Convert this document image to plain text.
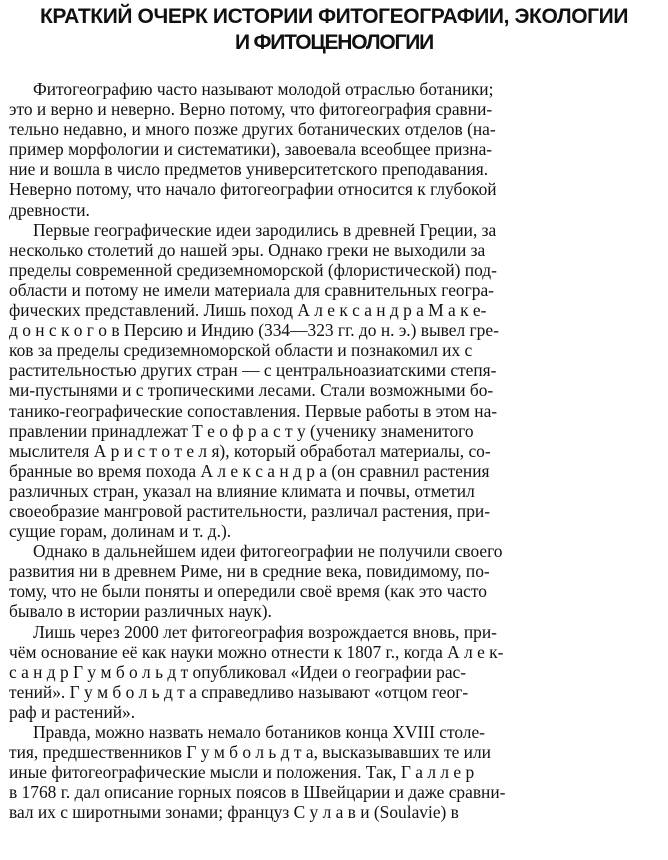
КРАТКИЙ ОЧЕРК ИСТОРИИ ФИТОГЕОГРАФИИ, ЭКОЛОГИИ
И ФИТОЦЕНОЛОГИИ
Фитогеографию часто называют молодой отраслью ботаники;
это и верно и неверно. Верно потому, что фитогеография сравни-
тельно недавно, и много позже других ботанических отделов (на-
пример морфологии и систематики), завоевала всеобщее призна-
ние и вошла в число предметов университетского преподавания.
Неверно потому, что начало фитогеографии относится к глубокой
древности.
Первые географические идеи зародились в древней Греции, за
несколько столетий до нашей эры. Однако греки не выходили за
пределы современной средиземноморской (флористической) под-
области и потому не имели материала для сравнительных геогра-
фических представлений. Лишь поход А л е к с а н д р а М а к е-
д о н с к о г о в Персию и Индию (334—323 гг. до н. э.) вывел гре-
ков за пределы средиземноморской области и познакомил их с
растительностью других стран — с центральноазиатскими степя-
ми-пустынями и с тропическими лесами. Стали возможными бо-
танико-географические сопоставления. Первые работы в этом на-
правлении принадлежат Т е о ф р а с т у (ученику знаменитого
мыслителя А р и с т о т е л я), который обработал материалы, со-
бранные во время похода А л е к с а н д р а (он сравнил растения
различных стран, указал на влияние климата и почвы, отметил
своеобразие мангровой растительности, различал растения, при-
сущие горам, долинам и т. д.).
Однако в дальнейшем идеи фитогеографии не получили своего
развития ни в древнем Риме, ни в средние века, повидимому, по-
тому, что не были поняты и опередили своё время (как это часто
бывало в истории различных наук).
Лишь через 2000 лет фитогеография возрождается вновь, при-
чём основание её как науки можно отнести к 1807 г., когда А л е к-
с а н д р Г у м б о л ь д т опубликовал «Идеи о географии рас-
тений». Г у м б о л ь д т а справедливо называют «отцом геог-
раф и растений».
Правда, можно назвать немало ботаников конца XVIII столе-
тия, предшественников Г у м б о л ь д т а, высказывавших те или
иные фитогеографические мысли и положения. Так, Г а л л е р
в 1768 г. дал описание горных поясов в Швейцарии и даже сравни-
вал их с широтными зонами; француз С у л а в и (Soulavie) в
